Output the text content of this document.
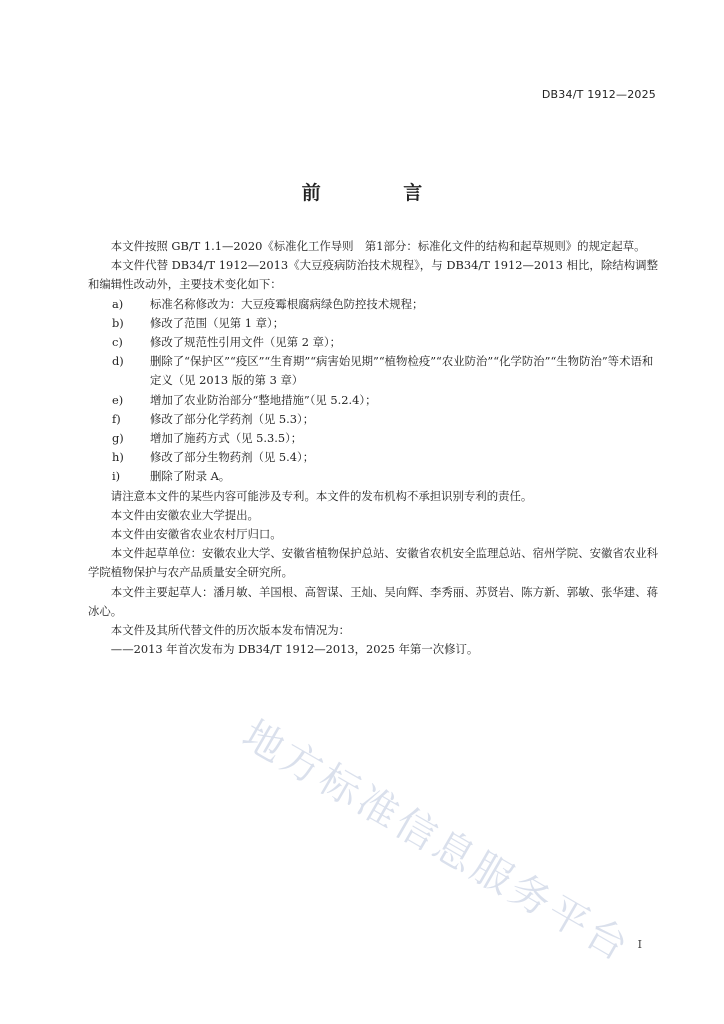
DB34/T 1912—2025
前 言

本文件按照 GB/T 1.1—2020《标准化工作导则　第1部分：标准化文件的结构和起草规则》的规定起草。

本文件代替 DB34/T 1912—2013《大豆疫病防治技术规程》，与 DB34/T 1912—2013 相比，除结构调整和编辑性改动外，主要技术变化如下：

a)	标准名称修改为：大豆疫霉根腐病绿色防控技术规程；

b)	修改了范围（见第 1 章）；

c)	修改了规范性引用文件（见第 2 章）；

d)	删除了“保护区”“疫区”“生育期”“病害始见期”“植物检疫”“农业防治”“化学防治”“生物防治”等术语和定义（见 2013 版的第 3 章）

e)	增加了农业防治部分“整地措施”（见 5.2.4）；

f)	修改了部分化学药剂（见 5.3）；

g)	增加了施药方式（见 5.3.5）；

h)	修改了部分生物药剂（见 5.4）；

i)	删除了附录 A。

请注意本文件的某些内容可能涉及专利。本文件的发布机构不承担识别专利的责任。

本文件由安徽农业大学提出。

本文件由安徽省农业农村厅归口。

本文件起草单位：安徽农业大学、安徽省植物保护总站、安徽省农机安全监理总站、宿州学院、安徽省农业科学院植物保护与农产品质量安全研究所。

本文件主要起草人：潘月敏、羊国根、高智谋、王灿、吴向辉、李秀丽、苏贤岩、陈方新、郭敏、张华建、蒋冰心。

本文件及其所代替文件的历次版本发布情况为：

——2013 年首次发布为 DB34/T 1912—2013，2025 年第一次修订。

地方标准信息服务平台 I
